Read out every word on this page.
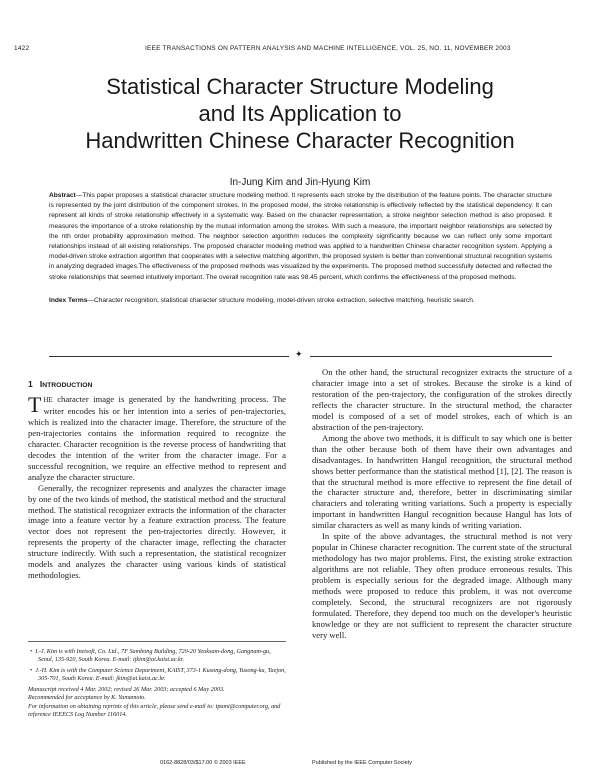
1422	IEEE TRANSACTIONS ON PATTERN ANALYSIS AND MACHINE INTELLIGENCE, VOL. 25, NO. 11, NOVEMBER 2003
Statistical Character Structure Modeling
and Its Application to
Handwritten Chinese Character Recognition
In-Jung Kim and Jin-Hyung Kim
Abstract—This paper proposes a statistical character structure modeling method. It represents each stroke by the distribution of the feature points. The character structure is represented by the joint distribution of the component strokes. In the proposed model, the stroke relationship is effectively reflected by the statistical dependency. It can represent all kinds of stroke relationship effectively in a systematic way. Based on the character representation, a stroke neighbor selection method is also proposed. It measures the importance of a stroke relationship by the mutual information among the strokes. With such a measure, the important neighbor relationships are selected by the nth order probability approximation method. The neighbor selection algorithm reduces the complexity significantly because we can reflect only some important relationships instead of all existing relationships. The proposed character modeling method was applied to a handwritten Chinese character recognition system. Applying a model-driven stroke extraction algorithm that cooperates with a selective matching algorithm, the proposed system is better than conventional structural recognition systems in analyzing degraded images.The effectiveness of the proposed methods was visualized by the experiments. The proposed method successfully detected and reflected the stroke relationships that seemed intuitively important. The overall recognition rate was 98.45 percent, which confirms the effectiveness of the proposed methods.
Index Terms—Character recognition, statistical character structure modeling, model-driven stroke extraction, selective matching, heuristic search.
✦
1 INTRODUCTION

THE character image is generated by the handwriting process. The writer encodes his or her intention into a series of pen-trajectories, which is realized into the character image. Therefore, the structure of the pen-trajectories contains the information required to recognize the character. Character recognition is the reverse process of handwriting that decodes the intention of the writer from the character image. For a successful recognition, we require an effective method to represent and analyze the character structure.

Generally, the recognizer represents and analyzes the character image by one of the two kinds of method, the statistical method and the structural method. The statistical recognizer extracts the information of the character image into a feature vector by a feature extraction process. The feature vector does not represent the pen-trajectories directly. However, it represents the property of the character image, reflecting the character structure indirectly. With such a representation, the statistical recognizer models and analyzes the character using various kinds of statistical methodologies.

•  I.-J. Kim is with Inzisoft, Co. Ltd., 7F Sambong Building, 720-20 Yeoksam-dong, Gangnam-gu, Seoul, 135-920, South Korea. E-mail: ijkim@ai.kaist.ac.kr.
•  J.-H. Kim is with the Computer Science Department, KAIST, 373-1 Kusong-dong, Yusong-ku, Taejon, 305-701, South Korea. E-mail: jkim@ai.kaist.ac.kr.
Manuscript received 4 Mar. 2002; revised 26 Mar. 2003; accepted 6 May 2003.
Recommended for acceptance by K. Yamamoto.
For information on obtaining reprints of this article, please send e-mail to: tpami@computer.org, and reference IEEECS Log Number 116014.

On the other hand, the structural recognizer extracts the structure of a character image into a set of strokes. Because the stroke is a kind of restoration of the pen-trajectory, the configuration of the strokes directly reflects the character structure. In the structural method, the character model is composed of a set of model strokes, each of which is an abstraction of the pen-trajectory.

Among the above two methods, it is difficult to say which one is better than the other because both of them have their own advantages and disadvantages. In handwritten Hangul recognition, the structural method shows better performance than the statistical method [1], [2]. The reason is that the structural method is more effective to represent the fine detail of the character structure and, therefore, better in discriminating similar characters and tolerating writing variations. Such a property is especially important in handwritten Hangul recognition because Hangul has lots of similar characters as well as many kinds of writing variation.

In spite of the above advantages, the structural method is not very popular in Chinese character recognition. The current state of the structural methodology has two major problems. First, the existing stroke extraction algorithms are not reliable. They often produce erroneous results. This problem is especially serious for the degraded image. Although many methods were proposed to reduce this problem, it was not overcome completely. Second, the structural recognizers are not rigorously formulated. Therefore, they depend too much on the developer's heuristic knowledge or they are not sufficient to represent the character structure very well.

0162-8828/03/$17.00 © 2003 IEEE	Published by the IEEE Computer Society
